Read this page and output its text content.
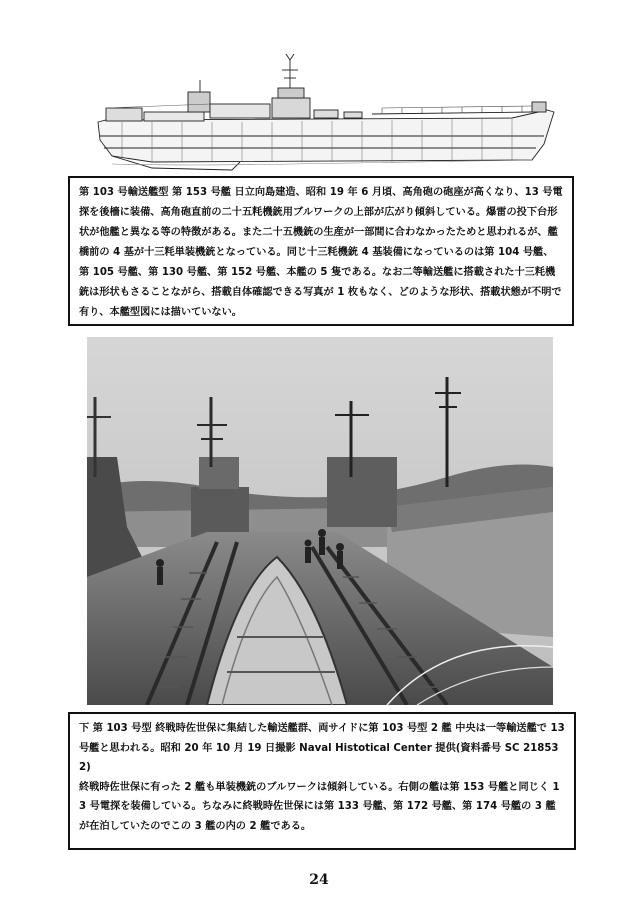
第 103 号輸送艦型 第 153 号艦 日立向島建造、昭和 19 年 6 月頃、高角砲の砲座が高くなり、13 号電探を後檣に装備、高角砲直前の二十五粍機銃用ブルワークの上部が広がり傾斜している。爆雷の投下台形状が他艦と異なる等の特徴がある。また二十五機銃の生産が一部間に合わなかったためと思われるが、艦橋前の 4 基が十三粍単装機銃となっている。同じ十三粍機銃 4 基装備になっているのは第 104 号艦、第 105 号艦、第 130 号艦、第 152 号艦、本艦の 5 隻である。なお二等輸送艦に搭載された十三粍機銃は形状もさることながら、搭載自体確認できる写真が 1 枚もなく、どのような形状、搭載状態が不明で有り、本艦型図には描いていない。

下 第 103 号型 終戦時佐世保に集結した輸送艦群、両サイドに第 103 号型 2 艦 中央は一等輸送艦で 13 号艦と思われる。昭和 20 年 10 月 19 日撮影 Naval Histotical Center 提供(資料番号 SC 218532)

終戦時佐世保に有った 2 艦も単装機銃のブルワークは傾斜している。右側の艦は第 153 号艦と同じく 13 号電探を装備している。ちなみに終戦時佐世保には第 133 号艦、第 172 号艦、第 174 号艦の 3 艦が在泊していたのでこの 3 艦の内の 2 艦である。

24
